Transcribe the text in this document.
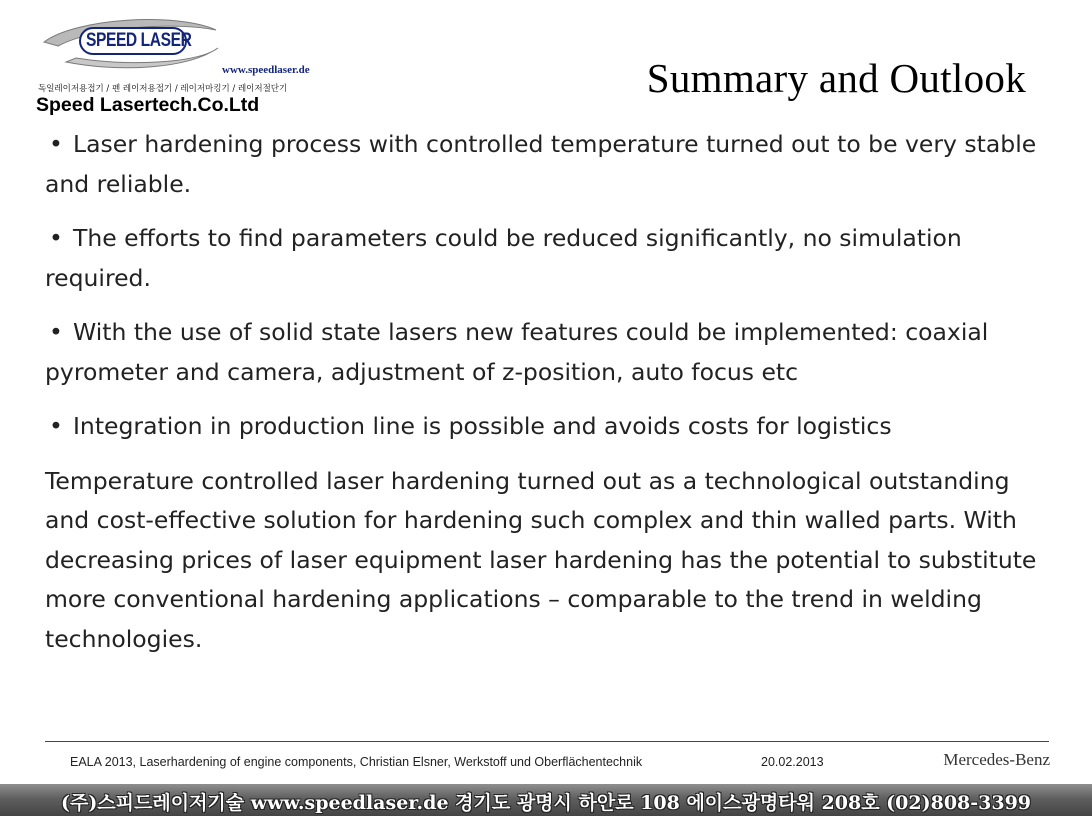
SPEED LASER
www.speedlaser.de
독일레이저용접기 / 펜 레이저용접기 / 레이저마킹기 / 레이저절단기
Speed Lasertech.Co.Ltd
Summary and Outlook
• Laser hardening process with controlled temperature turned out to be very stable and reliable.
• The efforts to find parameters could be reduced significantly, no simulation required.
• With the use of solid state lasers new features could be implemented: coaxial pyrometer and camera, adjustment of z-position, auto focus etc
• Integration in production line is possible and avoids costs for logistics

Temperature controlled laser hardening turned out as a technological outstanding and cost-effective solution for hardening such complex and thin walled parts. With decreasing prices of laser equipment laser hardening has the potential to substitute more conventional hardening applications – comparable to the trend in welding technologies.

EALA 2013, Laserhardening of engine components, Christian Elsner, Werkstoff und Oberflächentechnik	20.02.2013	Mercedes-Benz
(주)스피드레이저기술 www.speedlaser.de 경기도 광명시 하안로 108 에이스광명타워 208호 (02)808-3399
